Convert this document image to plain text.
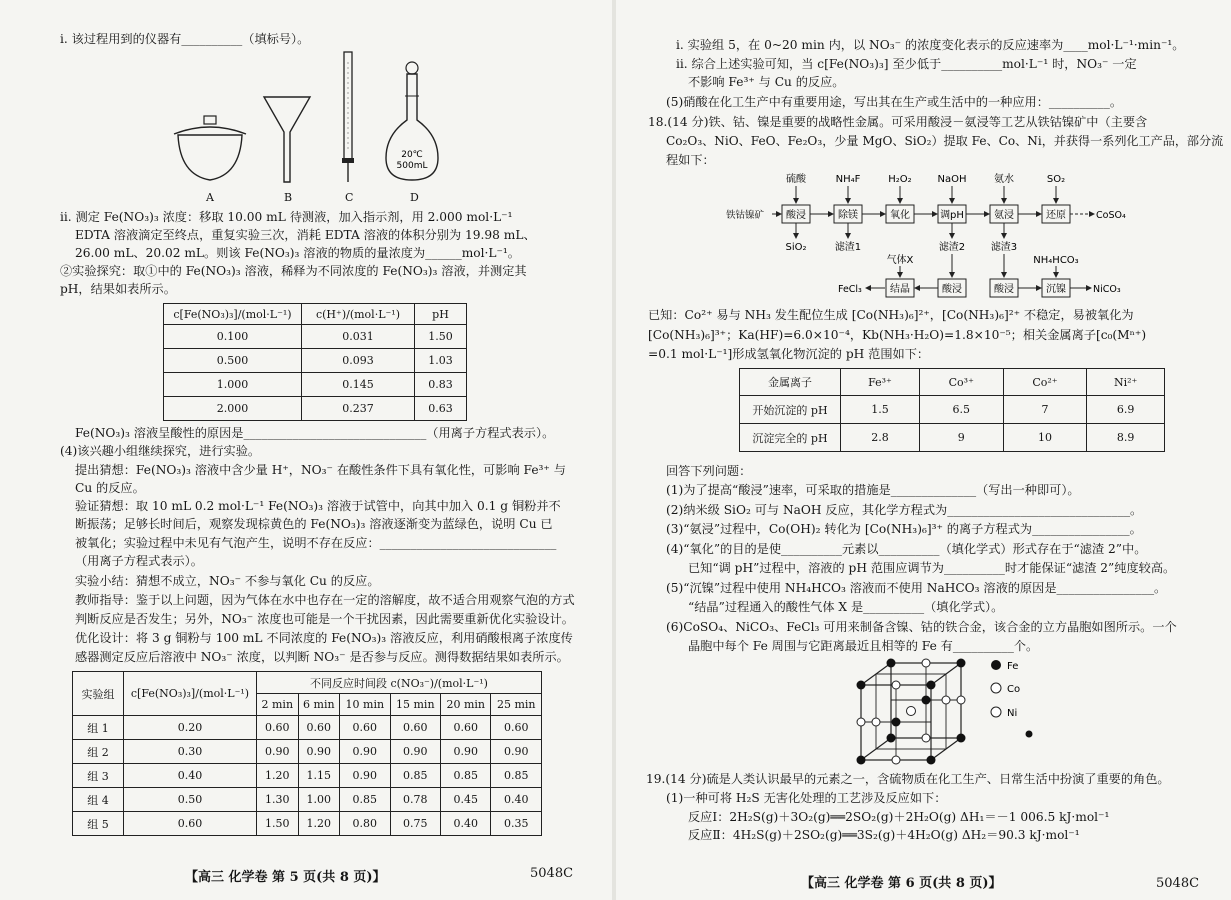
ⅰ. 该过程用到的仪器有__________（填标号）。
20℃
500mL
A	B	C	D
ⅱ. 测定 Fe(NO₃)₃ 浓度：移取 10.00 mL 待测液，加入指示剂，用 2.000 mol·L⁻¹
EDTA 溶液滴定至终点，重复实验三次，消耗 EDTA 溶液的体积分别为 19.98 mL、
26.00 mL、20.02 mL。则该 Fe(NO₃)₃ 溶液的物质的量浓度为______mol·L⁻¹。
②实验探究：取①中的 Fe(NO₃)₃ 溶液，稀释为不同浓度的 Fe(NO₃)₃ 溶液，并测定其
pH，结果如表所示。
c[Fe(NO₃)₃]/(mol·L⁻¹)	c(H⁺)/(mol·L⁻¹)	pH
0.100	0.031	1.50
0.500	0.093	1.03
1.000	0.145	0.83
2.000	0.237	0.63
Fe(NO₃)₃ 溶液呈酸性的原因是______________________________（用离子方程式表示）。
(4)该兴趣小组继续探究，进行实验。
提出猜想：Fe(NO₃)₃ 溶液中含少量 H⁺，NO₃⁻ 在酸性条件下具有氧化性，可影响 Fe³⁺ 与
Cu 的反应。
验证猜想：取 10 mL 0.2 mol·L⁻¹ Fe(NO₃)₃ 溶液于试管中，向其中加入 0.1 g 铜粉并不
断振荡；足够长时间后，观察发现棕黄色的 Fe(NO₃)₃ 溶液逐渐变为蓝绿色，说明 Cu 已
被氧化；实验过程中未见有气泡产生，说明不存在反应：_____________________________
（用离子方程式表示）。
实验小结：猜想不成立，NO₃⁻ 不参与氧化 Cu 的反应。
教师指导：鉴于以上问题，因为气体在水中也存在一定的溶解度，故不适合用观察气泡的方式
判断反应是否发生；另外，NO₃⁻ 浓度也可能是一个干扰因素，因此需要重新优化实验设计。
优化设计：将 3 g 铜粉与 100 mL 不同浓度的 Fe(NO₃)₃ 溶液反应，利用硝酸根离子浓度传
感器测定反应后溶液中 NO₃⁻ 浓度，以判断 NO₃⁻ 是否参与反应。测得数据结果如表所示。
实验组	c[Fe(NO₃)₃]/(mol·L⁻¹)	不同反应时间段 c(NO₃⁻)/(mol·L⁻¹)					
		2 min	6 min	10 min	15 min	20 min	25 min
组 1	0.20	0.60	0.60	0.60	0.60	0.60	0.60
组 2	0.30	0.90	0.90	0.90	0.90	0.90	0.90
组 3	0.40	1.20	1.15	0.90	0.85	0.85	0.85
组 4	0.50	1.30	1.00	0.85	0.78	0.45	0.40
组 5	0.60	1.50	1.20	0.80	0.75	0.40	0.35
【高三 化学卷 第 5 页(共 8 页)】	5048C
ⅰ. 实验组 5，在 0~20 min 内，以 NO₃⁻ 的浓度变化表示的反应速率为____mol·L⁻¹·min⁻¹。
ⅱ. 综合上述实验可知，当 c[Fe(NO₃)₃] 至少低于__________mol·L⁻¹ 时，NO₃⁻ 一定
不影响 Fe³⁺ 与 Cu 的反应。
(5)硝酸在化工生产中有重要用途，写出其在生产或生活中的一种应用：__________。
18.(14 分)铁、钴、镍是重要的战略性金属。可采用酸浸－氨浸等工艺从铁钴镍矿中（主要含
Co₂O₃、NiO、FeO、Fe₂O₃，少量 MgO、SiO₂）提取 Fe、Co、Ni，并获得一系列化工产品，部分流
程如下：
硫酸	NH₄F	H₂O₂	NaOH	氨水	SO₂
铁钴镍矿 酸浸	除镁	氧化	调pH	氨浸	还原	CoSO₄
SiO₂	滤渣1	滤渣2	滤渣3
气体X	NH₄HCO₃
FeCl₃	结晶	酸浸	酸浸	沉镍	NiCO₃
已知：Co²⁺ 易与 NH₃ 发生配位生成 [Co(NH₃)₆]²⁺，[Co(NH₃)₆]²⁺ 不稳定，易被氧化为
[Co(NH₃)₆]³⁺；Ka(HF)=6.0×10⁻⁴，Kb(NH₃·H₂O)=1.8×10⁻⁵；相关金属离子[c₀(Mⁿ⁺)
=0.1 mol·L⁻¹]形成氢氧化物沉淀的 pH 范围如下：
金属离子	Fe³⁺	Co³⁺	Co²⁺	Ni²⁺
开始沉淀的 pH	1.5	6.5	7	6.9
沉淀完全的 pH	2.8	9	10	8.9
回答下列问题：
(1)为了提高“酸浸”速率，可采取的措施是______________（写出一种即可）。
(2)纳米级 SiO₂ 可与 NaOH 反应，其化学方程式为______________________________。
(3)“氨浸”过程中，Co(OH)₂ 转化为 [Co(NH₃)₆]³⁺ 的离子方程式为________________。
(4)“氧化”的目的是使__________元素以__________（填化学式）形式存在于“滤渣 2”中。
已知“调 pH”过程中，溶液的 pH 范围应调节为__________时才能保证“滤渣 2”纯度较高。
(5)“沉镍”过程中使用 NH₄HCO₃ 溶液而不使用 NaHCO₃ 溶液的原因是________________。
“结晶”过程通入的酸性气体 X 是__________（填化学式）。
(6)CoSO₄、NiCO₃、FeCl₃ 可用来制备含镍、钴的铁合金，该合金的立方晶胞如图所示。一个
晶胞中每个 Fe 周围与它距离最近且相等的 Fe 有__________个。
Fe
Co
Ni
19.(14 分)硫是人类认识最早的元素之一，含硫物质在化工生产、日常生活中扮演了重要的角色。
(1)一种可将 H₂S 无害化处理的工艺涉及反应如下：
反应Ⅰ：2H₂S(g)＋3O₂(g)══2SO₂(g)＋2H₂O(g) ΔH₁＝－1 006.5 kJ·mol⁻¹
反应Ⅱ：4H₂S(g)＋2SO₂(g)══3S₂(g)＋4H₂O(g) ΔH₂＝90.3 kJ·mol⁻¹
【高三 化学卷 第 6 页(共 8 页)】	5048C
